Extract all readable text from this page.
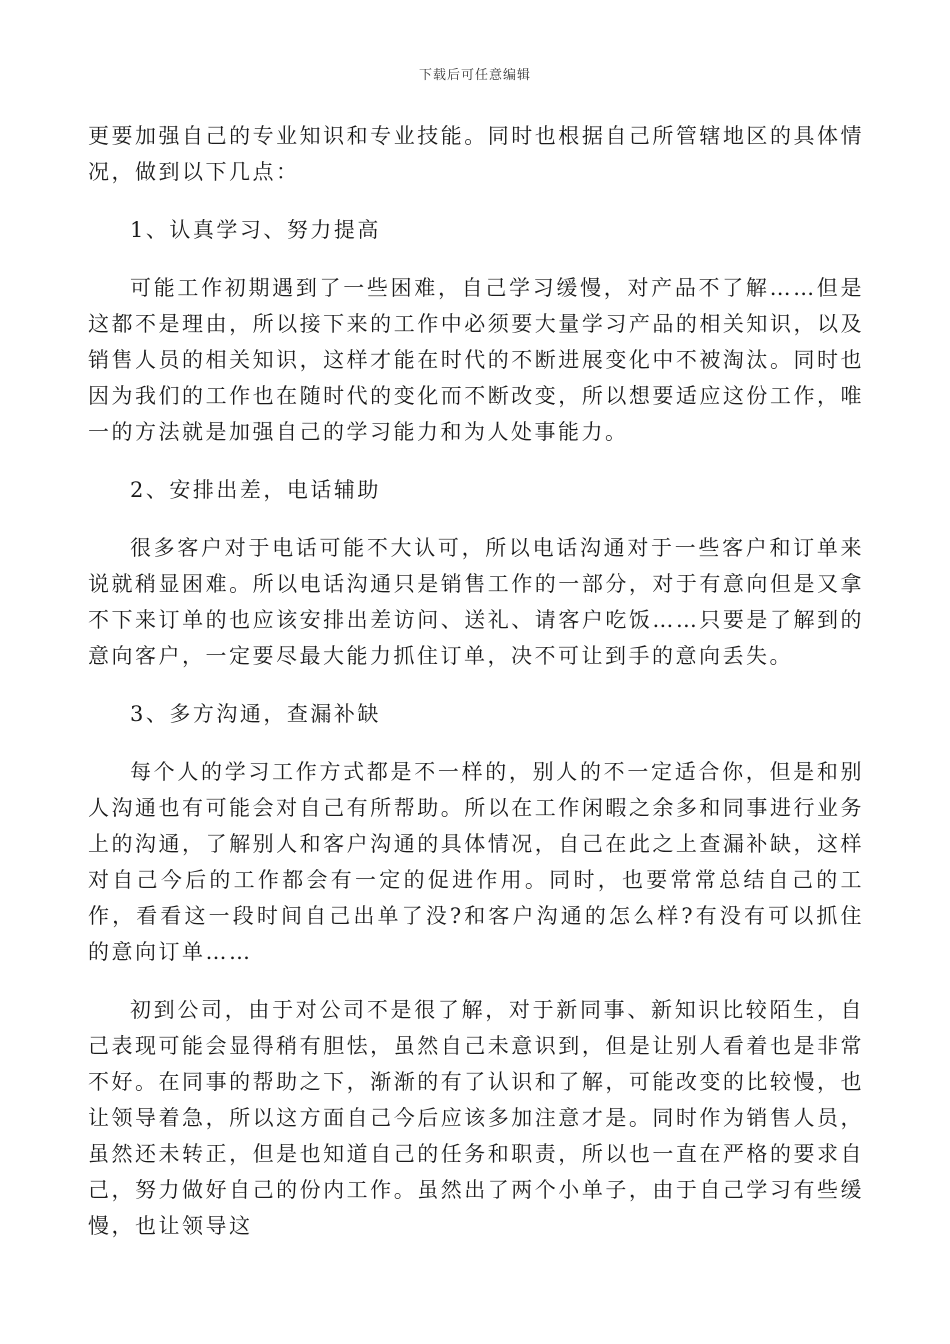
下载后可任意编辑

更要加强自己的专业知识和专业技能。同时也根据自己所管辖地区的具体情况，做到以下几点：

1、认真学习、努力提高

可能工作初期遇到了一些困难，自己学习缓慢，对产品不了解……但是这都不是理由，所以接下来的工作中必须要大量学习产品的相关知识，以及销售人员的相关知识，这样才能在时代的不断进展变化中不被淘汰。同时也因为我们的工作也在随时代的变化而不断改变，所以想要适应这份工作，唯一的方法就是加强自己的学习能力和为人处事能力。

2、安排出差，电话辅助

很多客户对于电话可能不大认可，所以电话沟通对于一些客户和订单来说就稍显困难。所以电话沟通只是销售工作的一部分，对于有意向但是又拿不下来订单的也应该安排出差访问、送礼、请客户吃饭……只要是了解到的意向客户，一定要尽最大能力抓住订单，决不可让到手的意向丢失。

3、多方沟通，查漏补缺

每个人的学习工作方式都是不一样的，别人的不一定适合你，但是和别人沟通也有可能会对自己有所帮助。所以在工作闲暇之余多和同事进行业务上的沟通，了解别人和客户沟通的具体情况，自己在此之上查漏补缺，这样对自己今后的工作都会有一定的促进作用。同时，也要常常总结自己的工作，看看这一段时间自己出单了没?和客户沟通的怎么样?有没有可以抓住的意向订单……

初到公司，由于对公司不是很了解，对于新同事、新知识比较陌生，自己表现可能会显得稍有胆怯，虽然自己未意识到，但是让别人看着也是非常不好。在同事的帮助之下，渐渐的有了认识和了解，可能改变的比较慢，也让领导着急，所以这方面自己今后应该多加注意才是。同时作为销售人员，虽然还未转正，但是也知道自己的任务和职责，所以也一直在严格的要求自己，努力做好自己的份内工作。虽然出了两个小单子，由于自己学习有些缓慢，也让领导这
